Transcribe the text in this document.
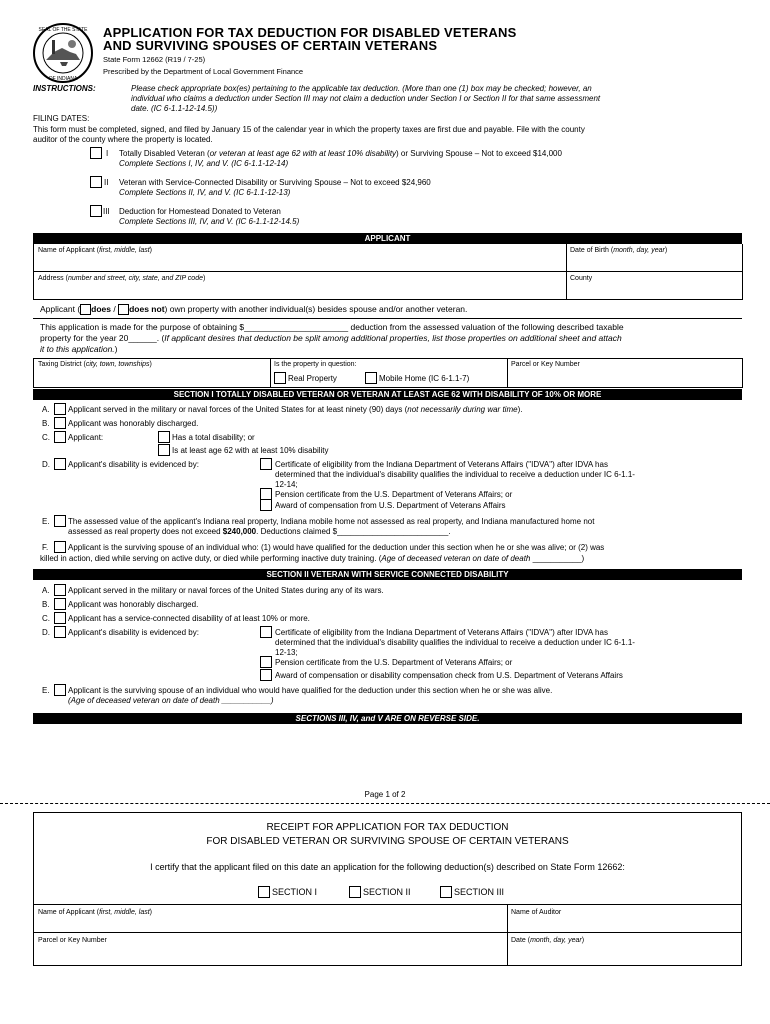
SEAL OF THE STATE
OF INDIANA
APPLICATION FOR TAX DEDUCTION FOR DISABLED VETERANS
AND SURVIVING SPOUSES OF CERTAIN VETERANS
State Form 12662 (R19 / 7-25)
Prescribed by the Department of Local Government Finance
INSTRUCTIONS:	Please check appropriate box(es) pertaining to the applicable tax deduction. (More than one (1) box may be checked; however, an
individual who claims a deduction under Section III may not claim a deduction under Section I or Section II for that same assessment
date. (IC 6-1.1-12-14.5))
FILING DATES:
This form must be completed, signed, and filed by January 15 of the calendar year in which the property taxes are first due and payable. File with the county
auditor of the county where the property is located.
I Totally Disabled Veteran (or veteran at least age 62 with at least 10% disability) or Surviving Spouse – Not to exceed $14,000
Complete Sections I, IV, and V. (IC 6-1.1-12-14)
II Veteran with Service-Connected Disability or Surviving Spouse – Not to exceed $24,960
Complete Sections II, IV, and V. (IC 6-1.1-12-13)
III Deduction for Homestead Donated to Veteran
Complete Sections III, IV, and V. (IC 6-1.1-12-14.5)
APPLICANT
Name of Applicant (first, middle, last)	Date of Birth (month, day, year)
Address (number and street, city, state, and ZIP code)	County
Applicant ( does / does not) own property with another individual(s) besides spouse and/or another veteran.
This application is made for the purpose of obtaining $______________________ deduction from the assessed valuation of the following described taxable
property for the year 20______. (If applicant desires that deduction be split among additional properties, list those properties on additional sheet and attach
it to this application.)
Taxing District (city, town, townships)	Is the property in question:	Parcel or Key Number
Real Property	Mobile Home (IC 6-1.1-7)
SECTION I TOTALLY DISABLED VETERAN OR VETERAN AT LEAST AGE 62 WITH DISABILITY OF 10% OR MORE
A. Applicant served in the military or naval forces of the United States for at least ninety (90) days (not necessarily during war time).
B. Applicant was honorably discharged.
C. Applicant:	Has a total disability; or
Is at least age 62 with at least 10% disability
D. Applicant's disability is evidenced by:	Certificate of eligibility from the Indiana Department of Veterans Affairs ("IDVA") after IDVA has
determined that the individual's disability qualifies the individual to receive a deduction under IC 6-1.1-
12-14;
Pension certificate from the U.S. Department of Veterans Affairs; or
Award of compensation from U.S. Department of Veterans Affairs
E. The assessed value of the applicant's Indiana real property, Indiana mobile home not assessed as real property, and Indiana manufactured home not
assessed as real property does not exceed $240,000. Deductions claimed $_________________________.
F. Applicant is the surviving spouse of an individual who: (1) would have qualified for the deduction under this section when he or she was alive; or (2) was
killed in action, died while serving on active duty, or died while performing inactive duty training. (Age of deceased veteran on date of death ___________)
SECTION II VETERAN WITH SERVICE CONNECTED DISABILITY
A. Applicant served in the military or naval forces of the United States during any of its wars.
B. Applicant was honorably discharged.
C. Applicant has a service-connected disability of at least 10% or more.
D. Applicant's disability is evidenced by:	Certificate of eligibility from the Indiana Department of Veterans Affairs ("IDVA") after IDVA has
determined that the individual's disability qualifies the individual to receive a deduction under IC 6-1.1-
12-13;
Pension certificate from the U.S. Department of Veterans Affairs; or
Award of compensation or disability compensation check from U.S. Department of Veterans Affairs
E. Applicant is the surviving spouse of an individual who would have qualified for the deduction under this section when he or she was alive.
(Age of deceased veteran on date of death ___________)
SECTIONS III, IV, and V ARE ON REVERSE SIDE.
Page 1 of 2
RECEIPT FOR APPLICATION FOR TAX DEDUCTION
FOR DISABLED VETERAN OR SURVIVING SPOUSE OF CERTAIN VETERANS
I certify that the applicant filed on this date an application for the following deduction(s) described on State Form 12662:
SECTION I	SECTION II	SECTION III
Name of Applicant (first, middle, last)	Name of Auditor
Parcel or Key Number	Date (month, day, year)
